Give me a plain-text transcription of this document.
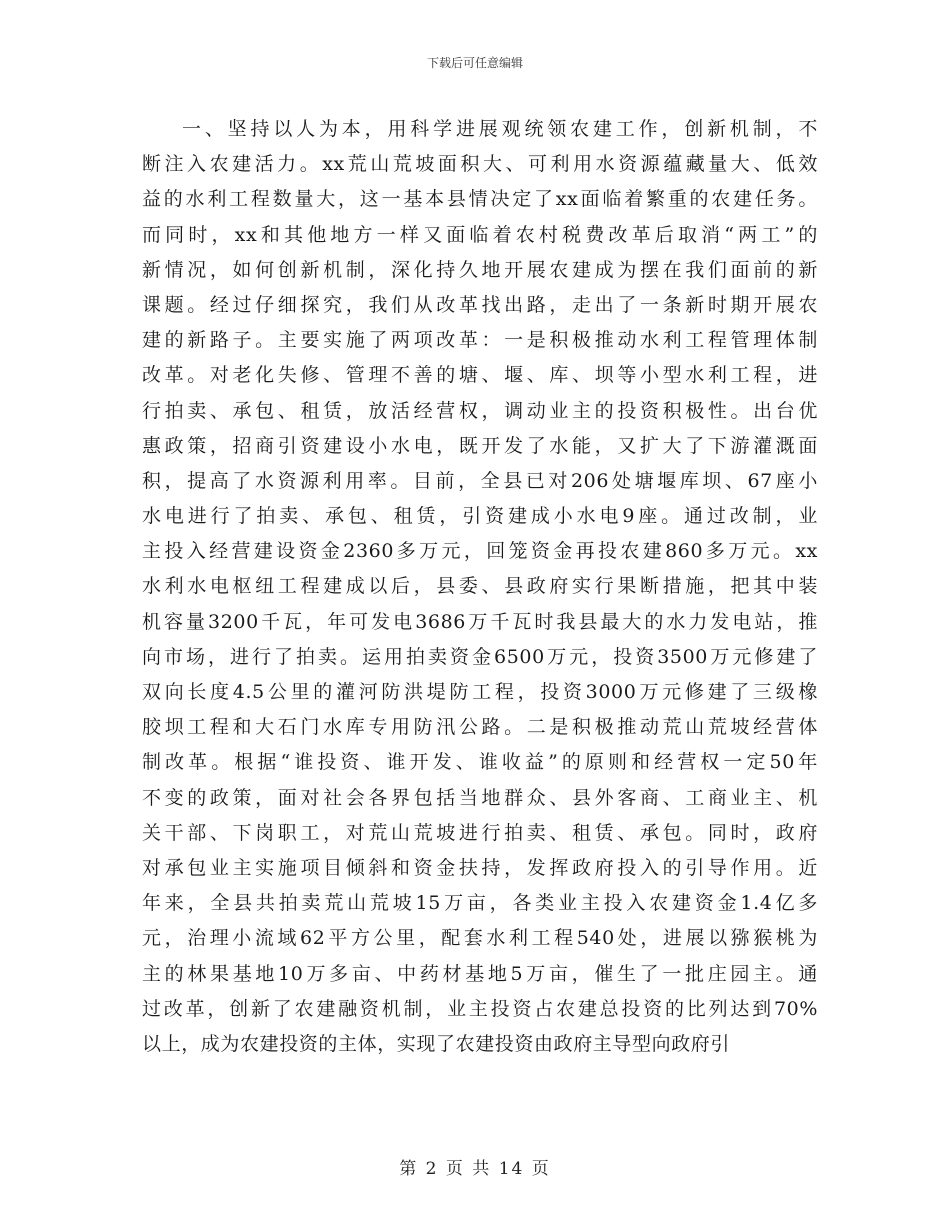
下载后可任意编辑
一、坚持以人为本，用科学进展观统领农建工作，创新机制，不
断注入农建活力。xx荒山荒坡面积大、可利用水资源蕴藏量大、低效
益的水利工程数量大，这一基本县情决定了xx面临着繁重的农建任务。
而同时，xx和其他地方一样又面临着农村税费改革后取消“两工”的
新情况，如何创新机制，深化持久地开展农建成为摆在我们面前的新
课题。经过仔细探究，我们从改革找出路，走出了一条新时期开展农
建的新路子。主要实施了两项改革：一是积极推动水利工程管理体制
改革。对老化失修、管理不善的塘、堰、库、坝等小型水利工程，进
行拍卖、承包、租赁，放活经营权，调动业主的投资积极性。出台优
惠政策，招商引资建设小水电，既开发了水能，又扩大了下游灌溉面
积，提高了水资源利用率。目前，全县已对206处塘堰库坝、67座小
水电进行了拍卖、承包、租赁，引资建成小水电9座。通过改制，业
主投入经营建设资金2360多万元，回笼资金再投农建860多万元。xx
水利水电枢纽工程建成以后，县委、县政府实行果断措施，把其中装
机容量3200千瓦，年可发电3686万千瓦时我县最大的水力发电站，推
向市场，进行了拍卖。运用拍卖资金6500万元，投资3500万元修建了
双向长度4.5公里的灌河防洪堤防工程，投资3000万元修建了三级橡
胶坝工程和大石门水库专用防汛公路。二是积极推动荒山荒坡经营体
制改革。根据“谁投资、谁开发、谁收益”的原则和经营权一定50年
不变的政策，面对社会各界包括当地群众、县外客商、工商业主、机
关干部、下岗职工，对荒山荒坡进行拍卖、租赁、承包。同时，政府
对承包业主实施项目倾斜和资金扶持，发挥政府投入的引导作用。近
年来，全县共拍卖荒山荒坡15万亩，各类业主投入农建资金1.4亿多
元，治理小流域62平方公里，配套水利工程540处，进展以猕猴桃为
主的林果基地10万多亩、中药材基地5万亩，催生了一批庄园主。通
过改革，创新了农建融资机制，业主投资占农建总投资的比列达到70%
以上，成为农建投资的主体，实现了农建投资由政府主导型向政府引
第 2 页 共 14 页
